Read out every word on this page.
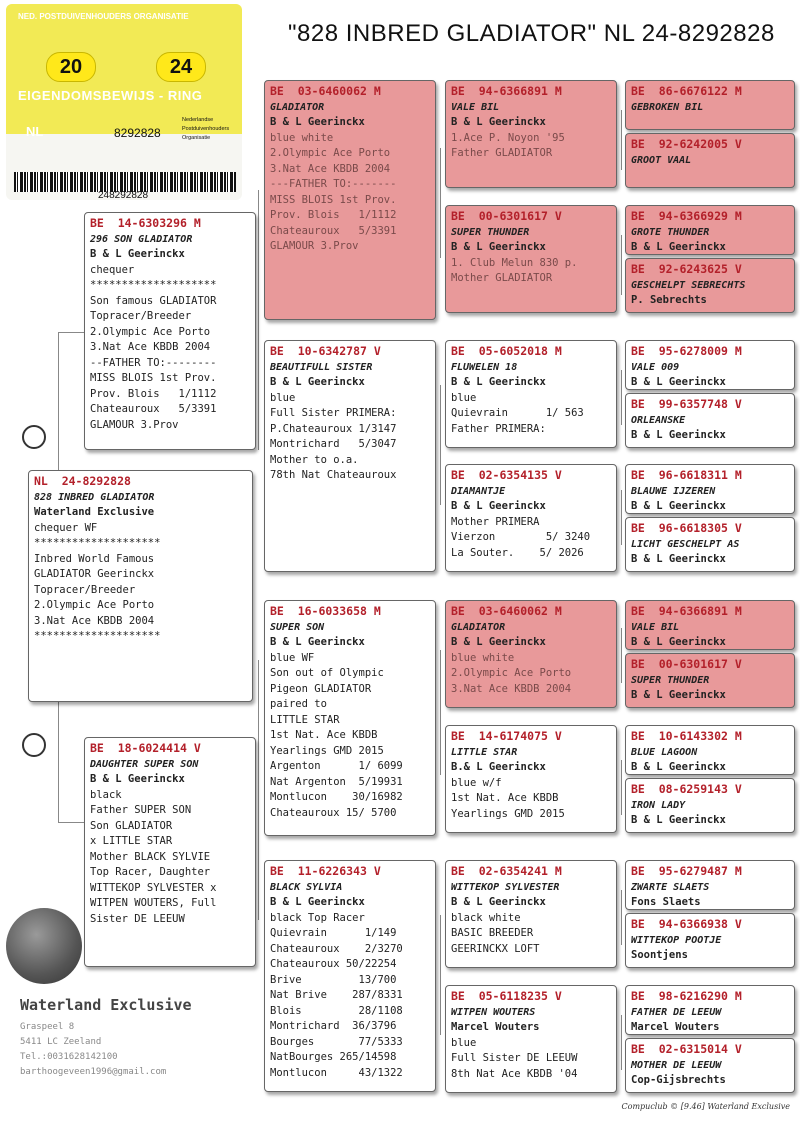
"828 INBRED GLADIATOR" NL 24-8292828
NED. POSTDUIVENHOUDERS ORGANISATIE
20	24
EIGENDOMSBEWIJS - RING
NL	8292828
Nederlandse
Postduivenhouders
Organisatie
248292828
NL  24-8292828
828 INBRED GLADIATOR
Waterland Exclusive
chequer WF
********************
Inbred World Famous
GLADIATOR Geerinckx
Topracer/Breeder
2.Olympic Ace Porto
3.Nat Ace KBDB 2004
********************
BE  14-6303296 M
296 SON GLADIATOR
B & L Geerinckx
chequer
********************
Son famous GLADIATOR
Topracer/Breeder
2.Olympic Ace Porto
3.Nat Ace KBDB 2004
--FATHER TO:--------
MISS BLOIS 1st Prov.
Prov. Blois   1/1112
Chateauroux   5/3391
GLAMOUR 3.Prov
BE  18-6024414 V
DAUGHTER SUPER SON
B & L Geerinckx
black
Father SUPER SON
Son GLADIATOR
x LITTLE STAR
Mother BLACK SYLVIE
Top Racer, Daughter
WITTEKOP SYLVESTER x
WITPEN WOUTERS, Full
Sister DE LEEUW
BE  03-6460062 M
GLADIATOR
B & L Geerinckx
blue white
2.Olympic Ace Porto
3.Nat Ace KBDB 2004
---FATHER TO:-------
MISS BLOIS 1st Prov.
Prov. Blois   1/1112
Chateauroux   5/3391
GLAMOUR 3.Prov
BE  10-6342787 V
BEAUTIFULL SISTER
B & L Geerinckx
blue
Full Sister PRIMERA:
P.Chateauroux 1/3147
Montrichard   5/3047
Mother to o.a.
78th Nat Chateauroux
BE  16-6033658 M
SUPER SON
B & L Geerinckx
blue WF
Son out of Olympic
Pigeon GLADIATOR
paired to
LITTLE STAR
1st Nat. Ace KBDB
Yearlings GMD 2015
Argenton      1/ 6099
Nat Argenton  5/19931
Montlucon    30/16982
Chateauroux 15/ 5700
BE  11-6226343 V
BLACK SYLVIA
B & L Geerinckx
black Top Racer
Quievrain      1/149
Chateauroux    2/3270
Chateauroux 50/22254
Brive         13/700
Nat Brive    287/8331
Blois         28/1108
Montrichard  36/3796
Bourges       77/5333
NatBourges 265/14598
Montlucon     43/1322
BE  94-6366891 M
VALE BIL
B & L Geerinckx
1.Ace P. Noyon '95
Father GLADIATOR
BE  00-6301617 V
SUPER THUNDER
B & L Geerinckx
1. Club Melun 830 p.
Mother GLADIATOR
BE  05-6052018 M
FLUWELEN 18
B & L Geerinckx
blue
Quievrain      1/ 563
Father PRIMERA:
BE  02-6354135 V
DIAMANTJE
B & L Geerinckx
Mother PRIMERA
Vierzon        5/ 3240
La Souter.    5/ 2026
BE  03-6460062 M
GLADIATOR
B & L Geerinckx
blue white
2.Olympic Ace Porto
3.Nat Ace KBDB 2004
BE  14-6174075 V
LITTLE STAR
B.& L Geerinckx
blue w/f
1st Nat. Ace KBDB
Yearlings GMD 2015
BE  02-6354241 M
WITTEKOP SYLVESTER
B & L Geerinckx
black white
BASIC BREEDER
GEERINCKX LOFT
BE  05-6118235 V
WITPEN WOUTERS
Marcel Wouters
blue
Full Sister DE LEEUW
8th Nat Ace KBDB '04
BE  86-6676122 M
GEBROKEN BIL
BE  92-6242005 V
GROOT VAAL
BE  94-6366929 M
GROTE THUNDER
B & L Geerinckx
BE  92-6243625 V
GESCHELPT SEBRECHTS
P. Sebrechts
BE  95-6278009 M
VALE 009
B & L Geerinckx
BE  99-6357748 V
ORLEANSKE
B & L Geerinckx
BE  96-6618311 M
BLAUWE IJZEREN
B & L Geerinckx
BE  96-6618305 V
LICHT GESCHELPT AS
B & L Geerinckx
BE  94-6366891 M
VALE BIL
B & L Geerinckx
BE  00-6301617 V
SUPER THUNDER
B & L Geerinckx
BE  10-6143302 M
BLUE LAGOON
B & L Geerinckx
BE  08-6259143 V
IRON LADY
B & L Geerinckx
BE  95-6279487 M
ZWARTE SLAETS
Fons Slaets
BE  94-6366938 V
WITTEKOP POOTJE
Soontjens
BE  98-6216290 M
FATHER DE LEEUW
Marcel Wouters
BE  02-6315014 V
MOTHER DE LEEUW
Cop-Gijsbrechts
Waterland Exclusive
Graspeel 8
5411 LC Zeeland
Tel.:0031628142100
barthoogeveen1996@gmail.com
Compuclub © [9.46] Waterland Exclusive
